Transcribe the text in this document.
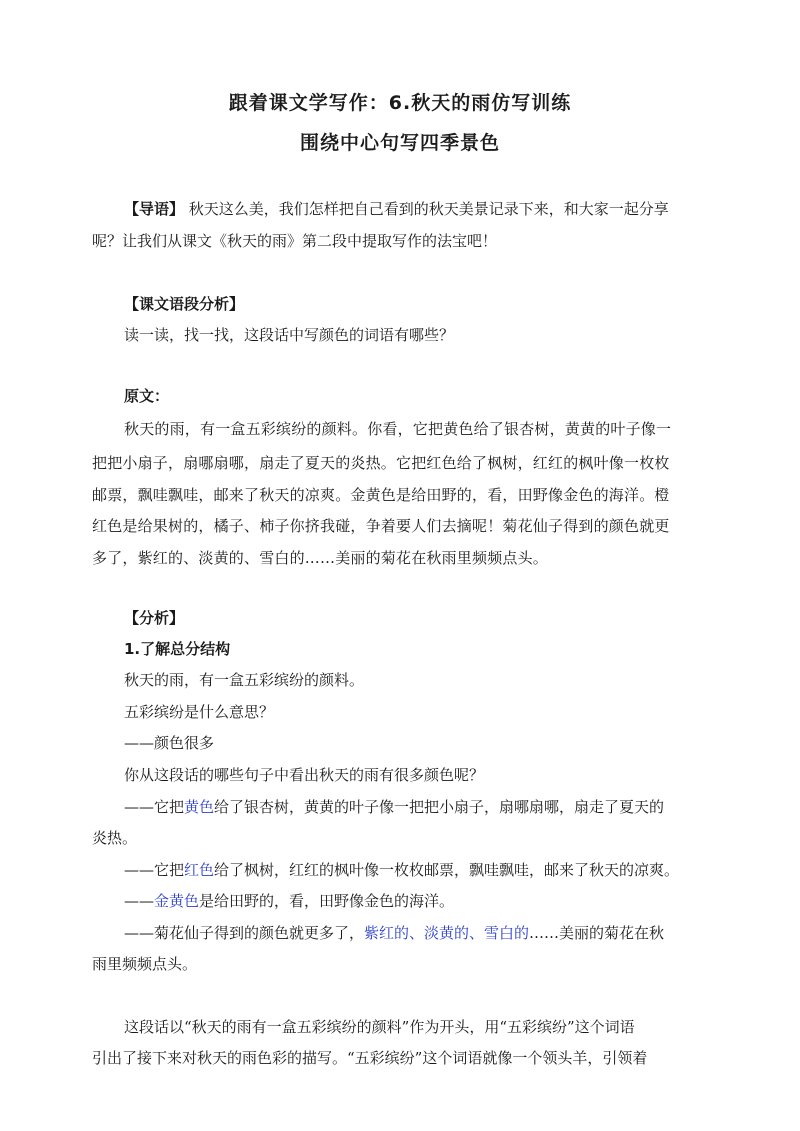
跟着课文学写作：6.秋天的雨仿写训练
围绕中心句写四季景色
【导语】 秋天这么美，我们怎样把自己看到的秋天美景记录下来，和大家一起分享
呢？让我们从课文《秋天的雨》第二段中提取写作的法宝吧！
【课文语段分析】
读一读，找一找，这段话中写颜色的词语有哪些？
原文：
秋天的雨，有一盒五彩缤纷的颜料。你看，它把黄色给了银杏树，黄黄的叶子像一
把把小扇子，扇哪扇哪，扇走了夏天的炎热。它把红色给了枫树，红红的枫叶像一枚枚
邮票，飘哇飘哇，邮来了秋天的凉爽。金黄色是给田野的，看，田野像金色的海洋。橙
红色是给果树的，橘子、柿子你挤我碰，争着要人们去摘呢！菊花仙子得到的颜色就更
多了，紫红的、淡黄的、雪白的……美丽的菊花在秋雨里频频点头。
【分析】
1.了解总分结构
秋天的雨，有一盒五彩缤纷的颜料。
五彩缤纷是什么意思？
——颜色很多
你从这段话的哪些句子中看出秋天的雨有很多颜色呢？
——它把黄色给了银杏树，黄黄的叶子像一把把小扇子，扇哪扇哪，扇走了夏天的
炎热。
——它把红色给了枫树，红红的枫叶像一枚枚邮票，飘哇飘哇，邮来了秋天的凉爽。
——金黄色是给田野的，看，田野像金色的海洋。
——菊花仙子得到的颜色就更多了，紫红的、淡黄的、雪白的……美丽的菊花在秋
雨里频频点头。
这段话以“秋天的雨有一盒五彩缤纷的颜料”作为开头，用“五彩缤纷”这个词语
引出了接下来对秋天的雨色彩的描写。“五彩缤纷”这个词语就像一个领头羊，引领着
